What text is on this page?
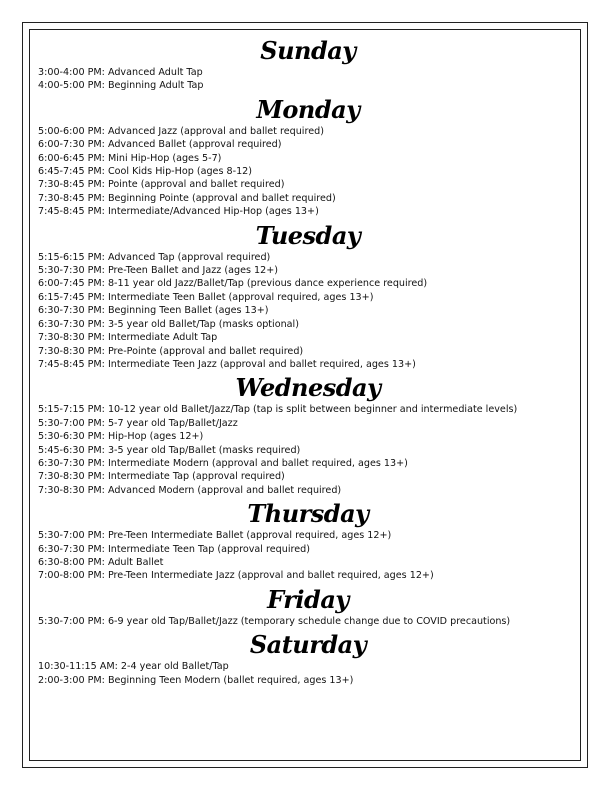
Sunday
3:00-4:00 PM: Advanced Adult Tap
4:00-5:00 PM: Beginning Adult Tap
Monday
5:00-6:00 PM: Advanced Jazz (approval and ballet required)
6:00-7:30 PM: Advanced Ballet (approval required)
6:00-6:45 PM: Mini Hip-Hop (ages 5-7)
6:45-7:45 PM: Cool Kids Hip-Hop (ages 8-12)
7:30-8:45 PM: Pointe (approval and ballet required)
7:30-8:45 PM: Beginning Pointe (approval and ballet required)
7:45-8:45 PM: Intermediate/Advanced Hip-Hop (ages 13+)
Tuesday
5:15-6:15 PM: Advanced Tap (approval required)
5:30-7:30 PM: Pre-Teen Ballet and Jazz (ages 12+)
6:00-7:45 PM: 8-11 year old Jazz/Ballet/Tap (previous dance experience required)
6:15-7:45 PM: Intermediate Teen Ballet (approval required, ages 13+)
6:30-7:30 PM: Beginning Teen Ballet (ages 13+)
6:30-7:30 PM: 3-5 year old Ballet/Tap (masks optional)
7:30-8:30 PM: Intermediate Adult Tap
7:30-8:30 PM: Pre-Pointe (approval and ballet required)
7:45-8:45 PM: Intermediate Teen Jazz (approval and ballet required, ages 13+)
Wednesday
5:15-7:15 PM: 10-12 year old Ballet/Jazz/Tap (tap is split between beginner and intermediate levels)
5:30-7:00 PM: 5-7 year old Tap/Ballet/Jazz
5:30-6:30 PM: Hip-Hop (ages 12+)
5:45-6:30 PM: 3-5 year old Tap/Ballet (masks required)
6:30-7:30 PM: Intermediate Modern (approval and ballet required, ages 13+)
7:30-8:30 PM: Intermediate Tap (approval required)
7:30-8:30 PM: Advanced Modern (approval and ballet required)
Thursday
5:30-7:00 PM: Pre-Teen Intermediate Ballet (approval required, ages 12+)
6:30-7:30 PM: Intermediate Teen Tap (approval required)
6:30-8:00 PM: Adult Ballet
7:00-8:00 PM: Pre-Teen Intermediate Jazz (approval and ballet required, ages 12+)
Friday
5:30-7:00 PM: 6-9 year old Tap/Ballet/Jazz (temporary schedule change due to COVID precautions)
Saturday
10:30-11:15 AM: 2-4 year old Ballet/Tap
2:00-3:00 PM: Beginning Teen Modern (ballet required, ages 13+)
